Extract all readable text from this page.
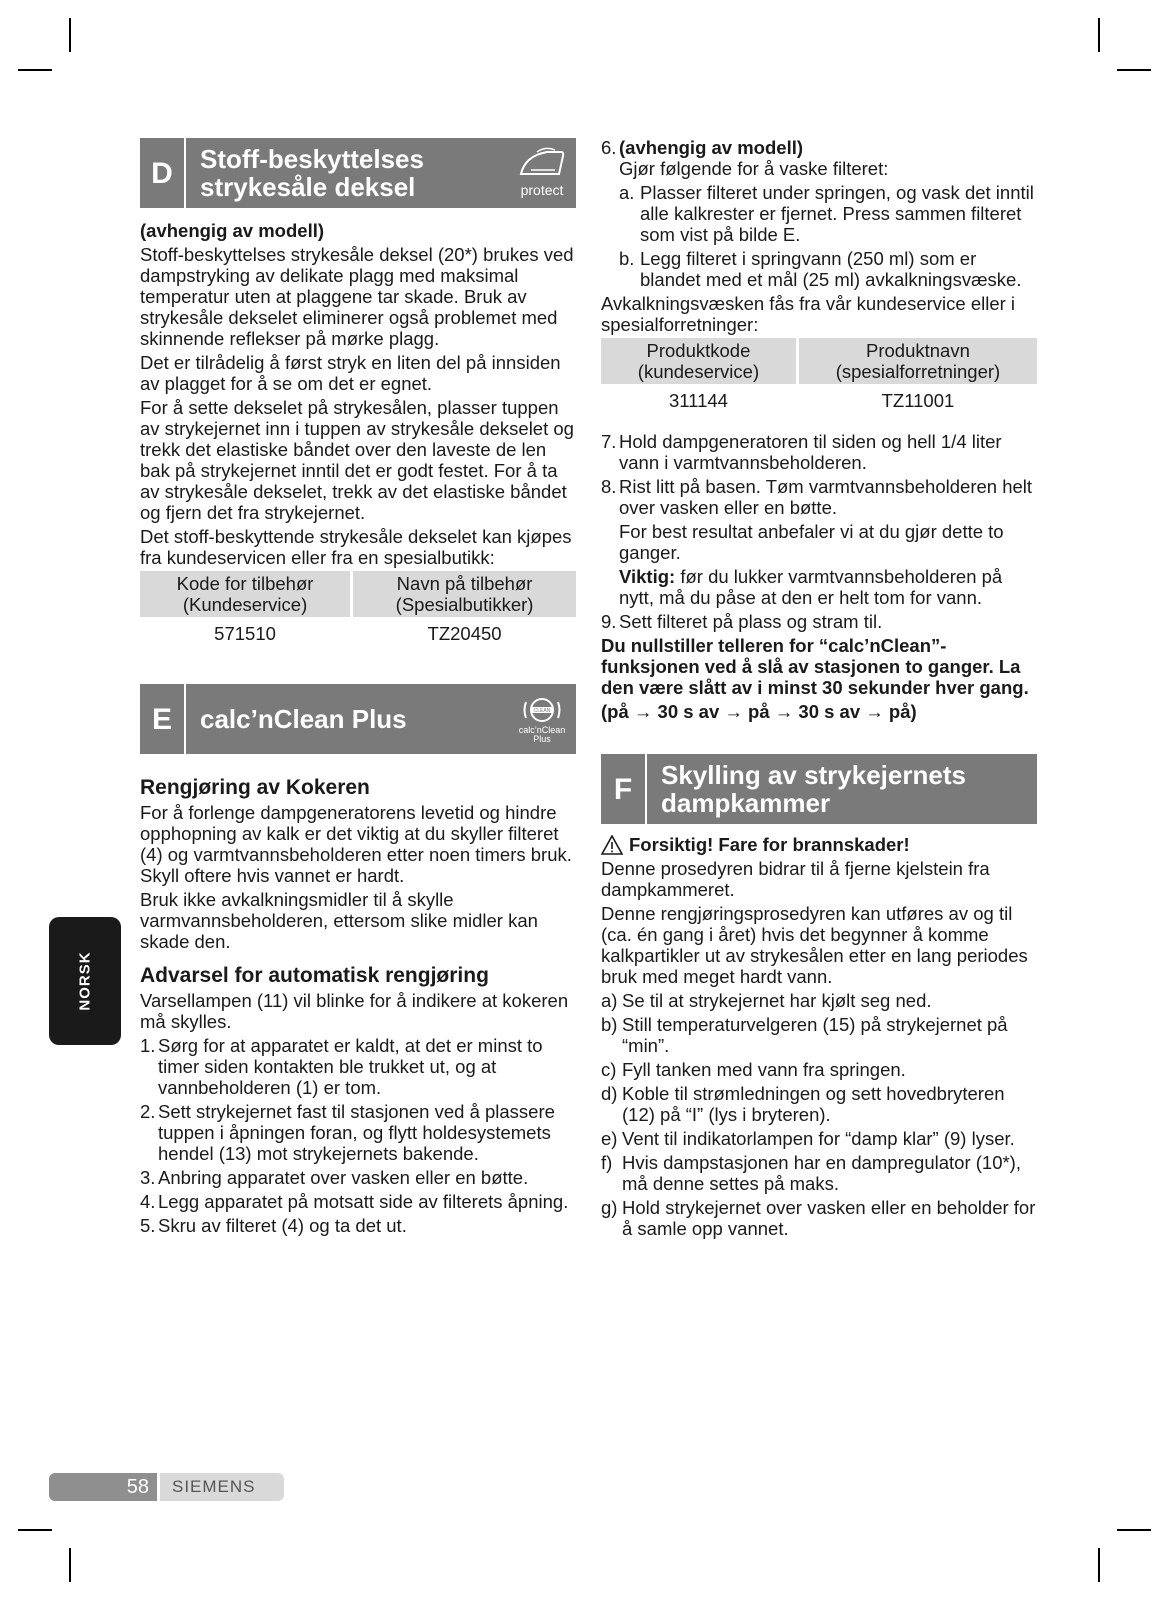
NORSK
D	Stoff-beskyttelses
strykesåle deksel	protect

(avhengig av modell)

Stoff-beskyttelses strykesåle deksel (20*) brukes ved dampstryking av delikate plagg med maksimal temperatur uten at plaggene tar skade. Bruk av strykesåle dekselet eliminerer også problemet med skinnende reflekser på mørke plagg.

Det er tilrådelig å først stryk en liten del på innsiden av plagget for å se om det er egnet.

For å sette dekselet på strykesålen, plasser tuppen av strykejernet inn i tuppen av strykesåle dekselet og trekk det elastiske båndet over den laveste de len bak på strykejernet inntil det er godt festet. For å ta av strykesåle dekselet, trekk av det elastiske båndet og fjern det fra strykejernet.

Det stoff-beskyttende strykesåle dekselet kan kjøpes fra kundeservicen eller fra en spesialbutikk:

Kode for tilbehør (Kundeservice)	Navn på tilbehør (Spesialbutikker)
571510	TZ20450
E	calc’nClean Plus	CLEAN
calc’nClean
Plus
Rengjøring av Kokeren

For å forlenge dampgeneratorens levetid og hindre opphopning av kalk er det viktig at du skyller filteret (4) og varmtvannsbeholderen etter noen timers bruk. Skyll oftere hvis vannet er hardt.

Bruk ikke avkalkningsmidler til å skylle varmvannsbeholderen, ettersom slike midler kan skade den.

Advarsel for automatisk rengjøring

Varsellampen (11) vil blinke for å indikere at kokeren må skylles.

1. Sørg for at apparatet er kaldt, at det er minst to timer siden kontakten ble trukket ut, og at vannbeholderen (1) er tom.
2. Sett strykejernet fast til stasjonen ved å plassere tuppen i åpningen foran, og flytt holdesystemets hendel (13) mot strykejernets bakende.
3. Anbring apparatet over vasken eller en bøtte.
4. Legg apparatet på motsatt side av filterets åpning.
5. Skru av filteret (4) og ta det ut.
6. (avhengig av modell)

Gjør følgende for å vaske filteret:

a. Plasser filteret under springen, og vask det inntil alle kalkrester er fjernet. Press sammen filteret som vist på bilde E.
b. Legg filteret i springvann (250 ml) som er blandet med et mål (25 ml) avkalkningsvæske.

Avkalkningsvæsken fås fra vår kundeservice eller i spesialforretninger:

Produktkode (kundeservice)	Produktnavn (spesialforretninger)
311144	TZ11001
7. Hold dampgeneratoren til siden og hell 1/4 liter vann i varmtvannsbeholderen.
8. Rist litt på basen. Tøm varmtvannsbeholderen helt over vasken eller en bøtte.

For best resultat anbefaler vi at du gjør dette to ganger.

Viktig: før du lukker varmtvannsbeholderen på nytt, må du påse at den er helt tom for vann.

9. Sett filteret på plass og stram til.

Du nullstiller telleren for “calc’nClean”-funksjonen ved å slå av stasjonen to ganger. La den være slått av i minst 30 sekunder hver gang.

(på → 30 s av → på → 30 s av → på)

F	Skylling av strykejernets
dampkammer
Forsiktig! Fare for brannskader!

Denne prosedyren bidrar til å fjerne kjelstein fra dampkammeret.

Denne rengjøringsprosedyren kan utføres av og til (ca. én gang i året) hvis det begynner å komme kalkpartikler ut av strykesålen etter en lang periodes bruk med meget hardt vann.

a) Se til at strykejernet har kjølt seg ned.
b) Still temperaturvelgeren (15) på strykejernet på “min”.
c) Fyll tanken med vann fra springen.
d) Koble til strømledningen og sett hovedbryteren (12) på “I” (lys i bryteren).
e) Vent til indikatorlampen for “damp klar” (9) lyser.
f) Hvis dampstasjonen har en dampregulator (10*), må denne settes på maks.
g) Hold strykejernet over vasken eller en beholder for å samle opp vannet.
58	SIEMENS
